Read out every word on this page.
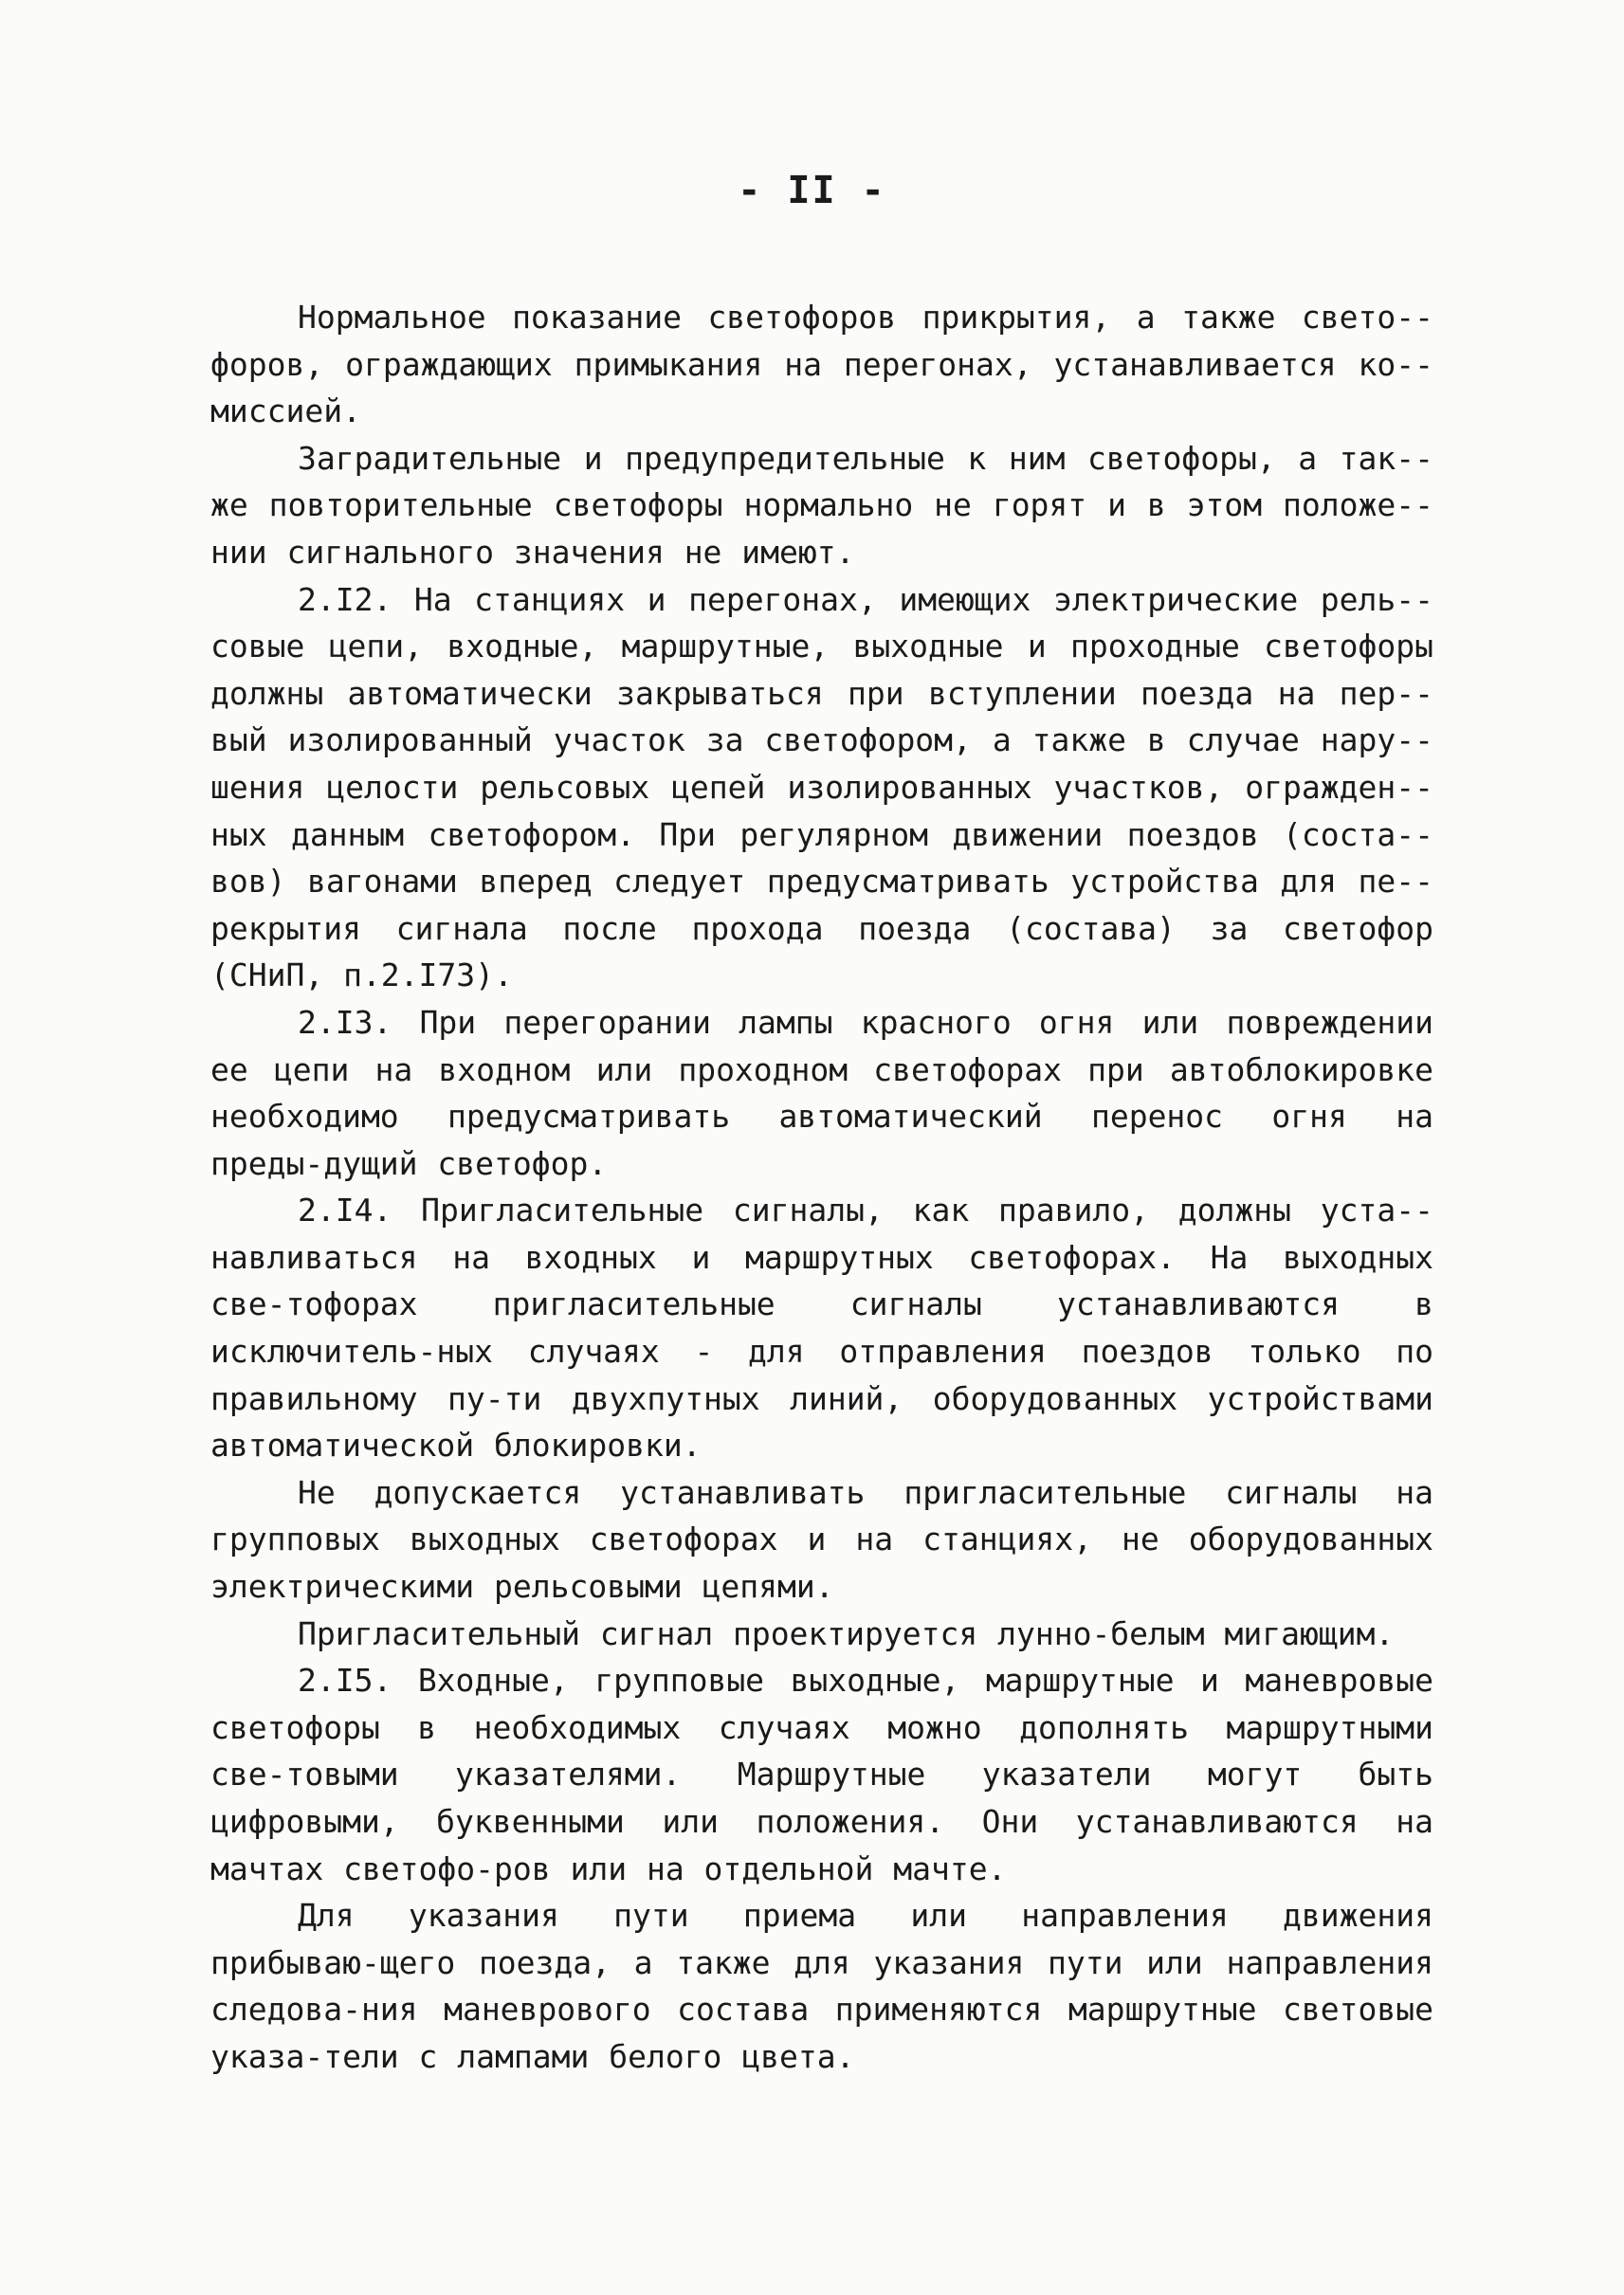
- II -

Нормальное показание светофоров прикрытия, а также свето-форов, ограждающих примыкания на перегонах, устанавливается ко-миссией.

Заградительные и предупредительные к ним светофоры, а так-же повторительные светофоры нормально не горят и в этом положе-нии сигнального значения не имеют.

2.I2. На станциях и перегонах, имеющих электрические рель-совые цепи, входные, маршрутные, выходные и проходные светофоры должны автоматически закрываться при вступлении поезда на пер-вый изолированный участок за светофором, а также в случае нару-шения целости рельсовых цепей изолированных участков, огражден-ных данным светофором. При регулярном движении поездов (соста-вов) вагонами вперед следует предусматривать устройства для пе-рекрытия сигнала после прохода поезда (состава) за светофор (СНиП, п.2.I73).

2.I3. При перегорании лампы красного огня или повреждении ее цепи на входном или проходном светофорах при автоблокировке необходимо предусматривать автоматический перенос огня на преды-дущий светофор.

2.I4. Пригласительные сигналы, как правило, должны уста-навливаться на входных и маршрутных светофорах. На выходных све-тофорах пригласительные сигналы устанавливаются в исключитель-ных случаях - для отправления поездов только по правильному пу-ти двухпутных линий, оборудованных устройствами автоматической блокировки.

Не допускается устанавливать пригласительные сигналы на групповых выходных светофорах и на станциях, не оборудованных электрическими рельсовыми цепями.

Пригласительный сигнал проектируется лунно-белым мигающим.

2.I5. Входные, групповые выходные, маршрутные и маневровые светофоры в необходимых случаях можно дополнять маршрутными све-товыми указателями. Маршрутные указатели могут быть цифровыми, буквенными или положения. Они устанавливаются на мачтах светофо-ров или на отдельной мачте.

Для указания пути приема или направления движения прибываю-щего поезда, а также для указания пути или направления следова-ния маневрового состава применяются маршрутные световые указа-тели с лампами белого цвета.
